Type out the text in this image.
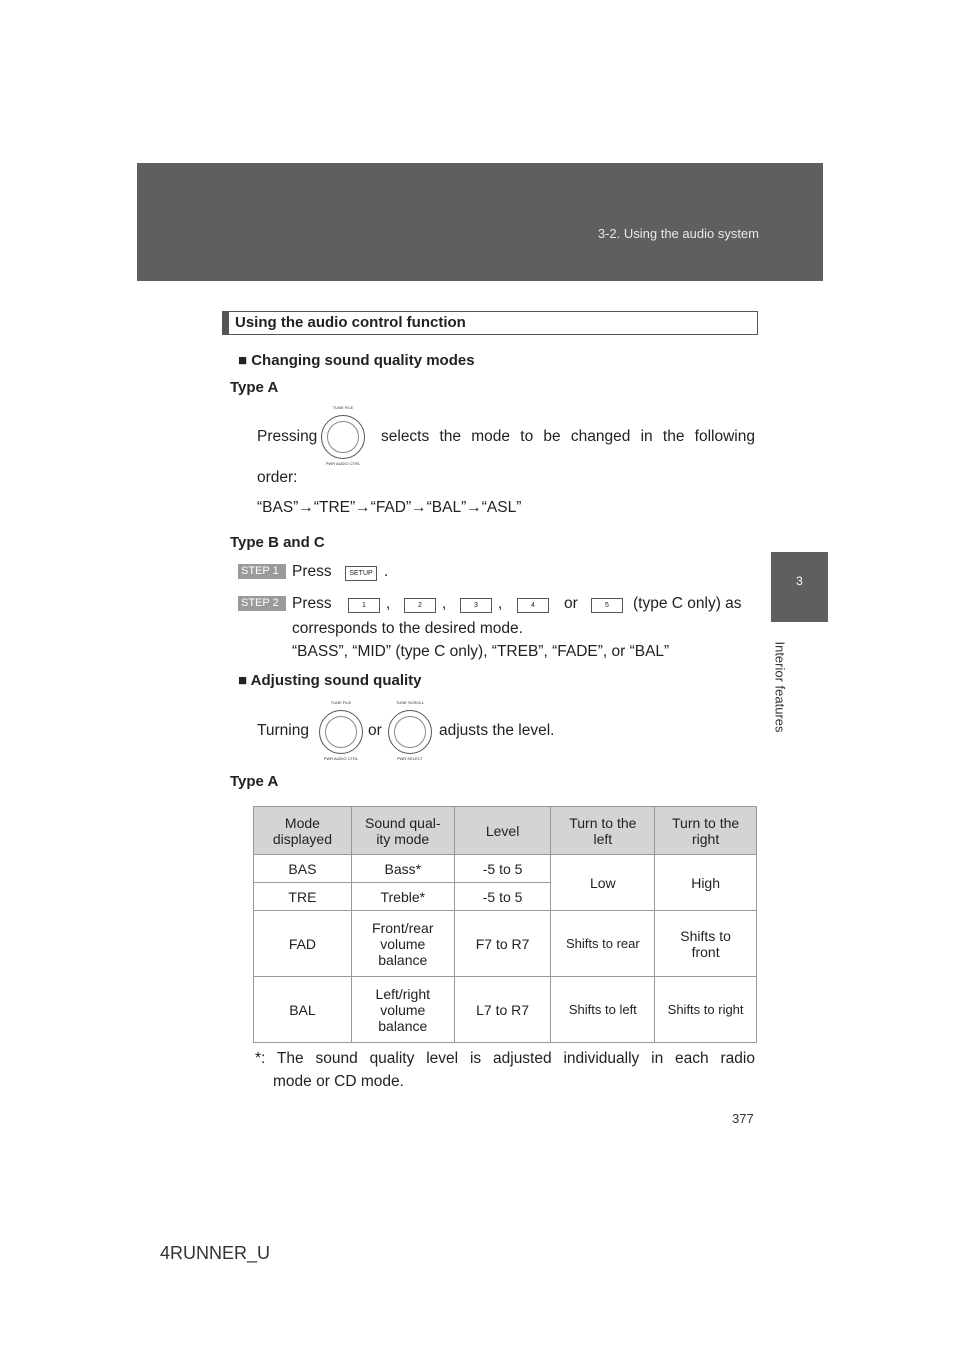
3-2. Using the audio system
3
Interior features
Using the audio control function
■ Changing sound quality modes
Type A
Pressing
TUNE FILE
PWR AUDIO CTRL
selects the mode to be changed in the following
order:
“BAS”→“TRE”→“FAD”→“BAL”→“ASL”
Type B and C
STEP 1 Press	SETUP .
STEP 2 Press	1	,	2	,	3	,	4	or	5	(type C only) as
corresponds to the desired mode.
“BASS”, “MID” (type C only), “TREB”, “FADE”, or “BAL”
■ Adjusting sound quality
Turning
TUNE FILE
PWR AUDIO CTRL
or
TUNE SCROLL
PWR SELECT
adjusts the level.
Type A
Mode
displayed	Sound qual-
ity mode	Level	Turn to the
left	Turn to the
right
BAS	Bass*	-5 to 5	Low	High
TRE	Treble*	-5 to 5		
FAD	Front/rear
volume
balance	F7 to R7	Shifts to rear	Shifts to
front
BAL	Left/right
volume
balance	L7 to R7	Shifts to left	Shifts to right
*: The sound quality level is adjusted individually in each radio
mode or CD mode.
377
4RUNNER_U
